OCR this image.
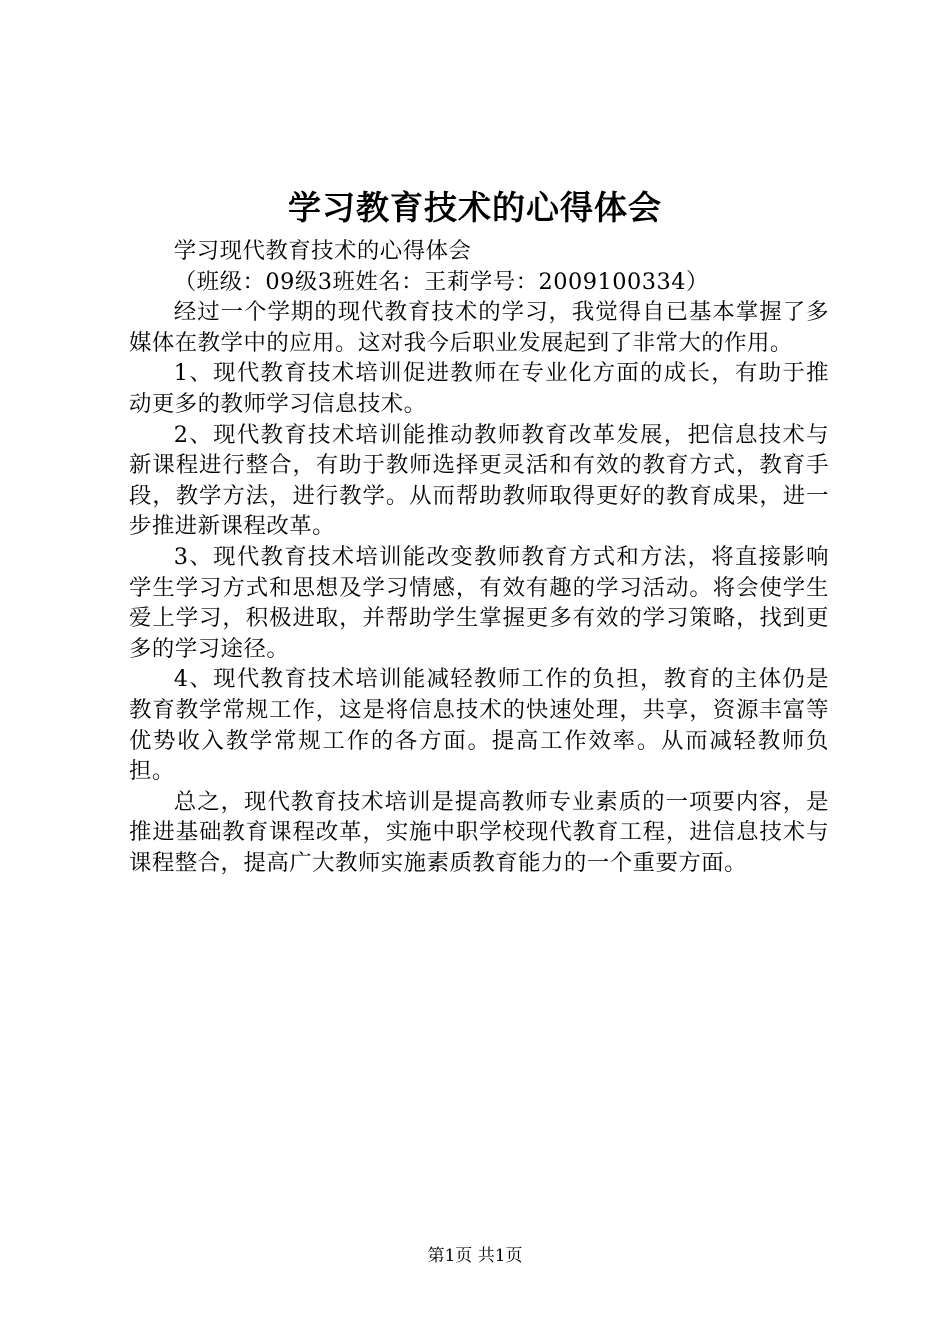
学习教育技术的心得体会

学习现代教育技术的心得体会

（班级：09级3班姓名：王莉学号：2009100334）

经过一个学期的现代教育技术的学习，我觉得自已基本掌握了多媒体在教学中的应用。这对我今后职业发展起到了非常大的作用。

1、现代教育技术培训促进教师在专业化方面的成长，有助于推动更多的教师学习信息技术。

2、现代教育技术培训能推动教师教育改革发展，把信息技术与新课程进行整合，有助于教师选择更灵活和有效的教育方式，教育手段，教学方法，进行教学。从而帮助教师取得更好的教育成果，进一步推进新课程改革。

3、现代教育技术培训能改变教师教育方式和方法，将直接影响学生学习方式和思想及学习情感，有效有趣的学习活动。将会使学生爱上学习，积极进取，并帮助学生掌握更多有效的学习策略，找到更多的学习途径。

4、现代教育技术培训能减轻教师工作的负担，教育的主体仍是教育教学常规工作，这是将信息技术的快速处理，共享，资源丰富等优势收入教学常规工作的各方面。提高工作效率。从而减轻教师负担。

总之，现代教育技术培训是提高教师专业素质的一项要内容，是推进基础教育课程改革，实施中职学校现代教育工程，进信息技术与课程整合，提高广大教师实施素质教育能力的一个重要方面。

第1页 共1页
